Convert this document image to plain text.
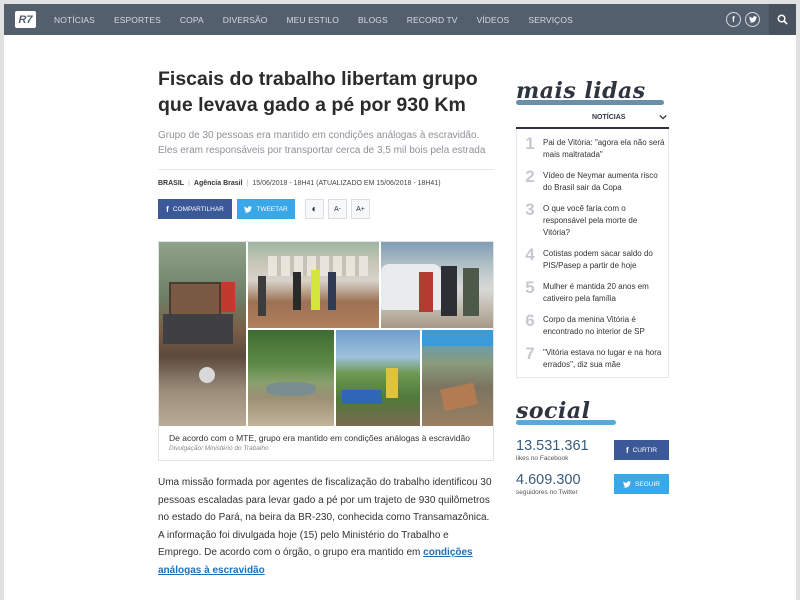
R7	NOTÍCIAS ESPORTES COPA DIVERSÃO MEU ESTILO BLOGS RECORD TV VÍDEOS SERVIÇOS	f
Fiscais do trabalho libertam grupo que levava gado a pé por 930 Km

Grupo de 30 pessoas era mantido em condições análogas à escravidão. Eles eram responsáveis por transportar cerca de 3,5 mil bois pela estrada

BRASIL | Agência Brasil | 15/06/2018 - 18H41 (ATUALIZADO EM 15/06/2018 - 18H41)
f COMPARTILHAR	TWEETAR ◐	A-	A+
De acordo com o MTE, grupo era mantido em condições análogas à escravidão
Divulgação/ Ministério do Trabalho

Uma missão formada por agentes de fiscalização do trabalho identificou 30 pessoas escaladas para levar gado a pé por um trajeto de 930 quilômetros no estado do Pará, na beira da BR-230, conhecida como Transamazônica. A informação foi divulgada hoje (15) pelo Ministério do Trabalho e Emprego. De acordo com o órgão, o grupo era mantido em condições análogas à escravidão

mais lidas
NOTÍCIAS
1	Pai de Vitória: "agora ela não será mais maltratada"
2	Vídeo de Neymar aumenta risco do Brasil sair da Copa
3	O que você faria com o responsável pela morte de Vitória?
4	Cotistas podem sacar saldo do PIS/Pasep a partir de hoje
5	Mulher é mantida 20 anos em cativeiro pela família
6	Corpo da menina Vitória é encontrado no interior de SP
7	"Vitória estava no lugar e na hora errados", diz sua mãe
social
13.531.361
likes no Facebook
f CURTIR
4.609.300
seguidores no Twitter
SEGUIR
